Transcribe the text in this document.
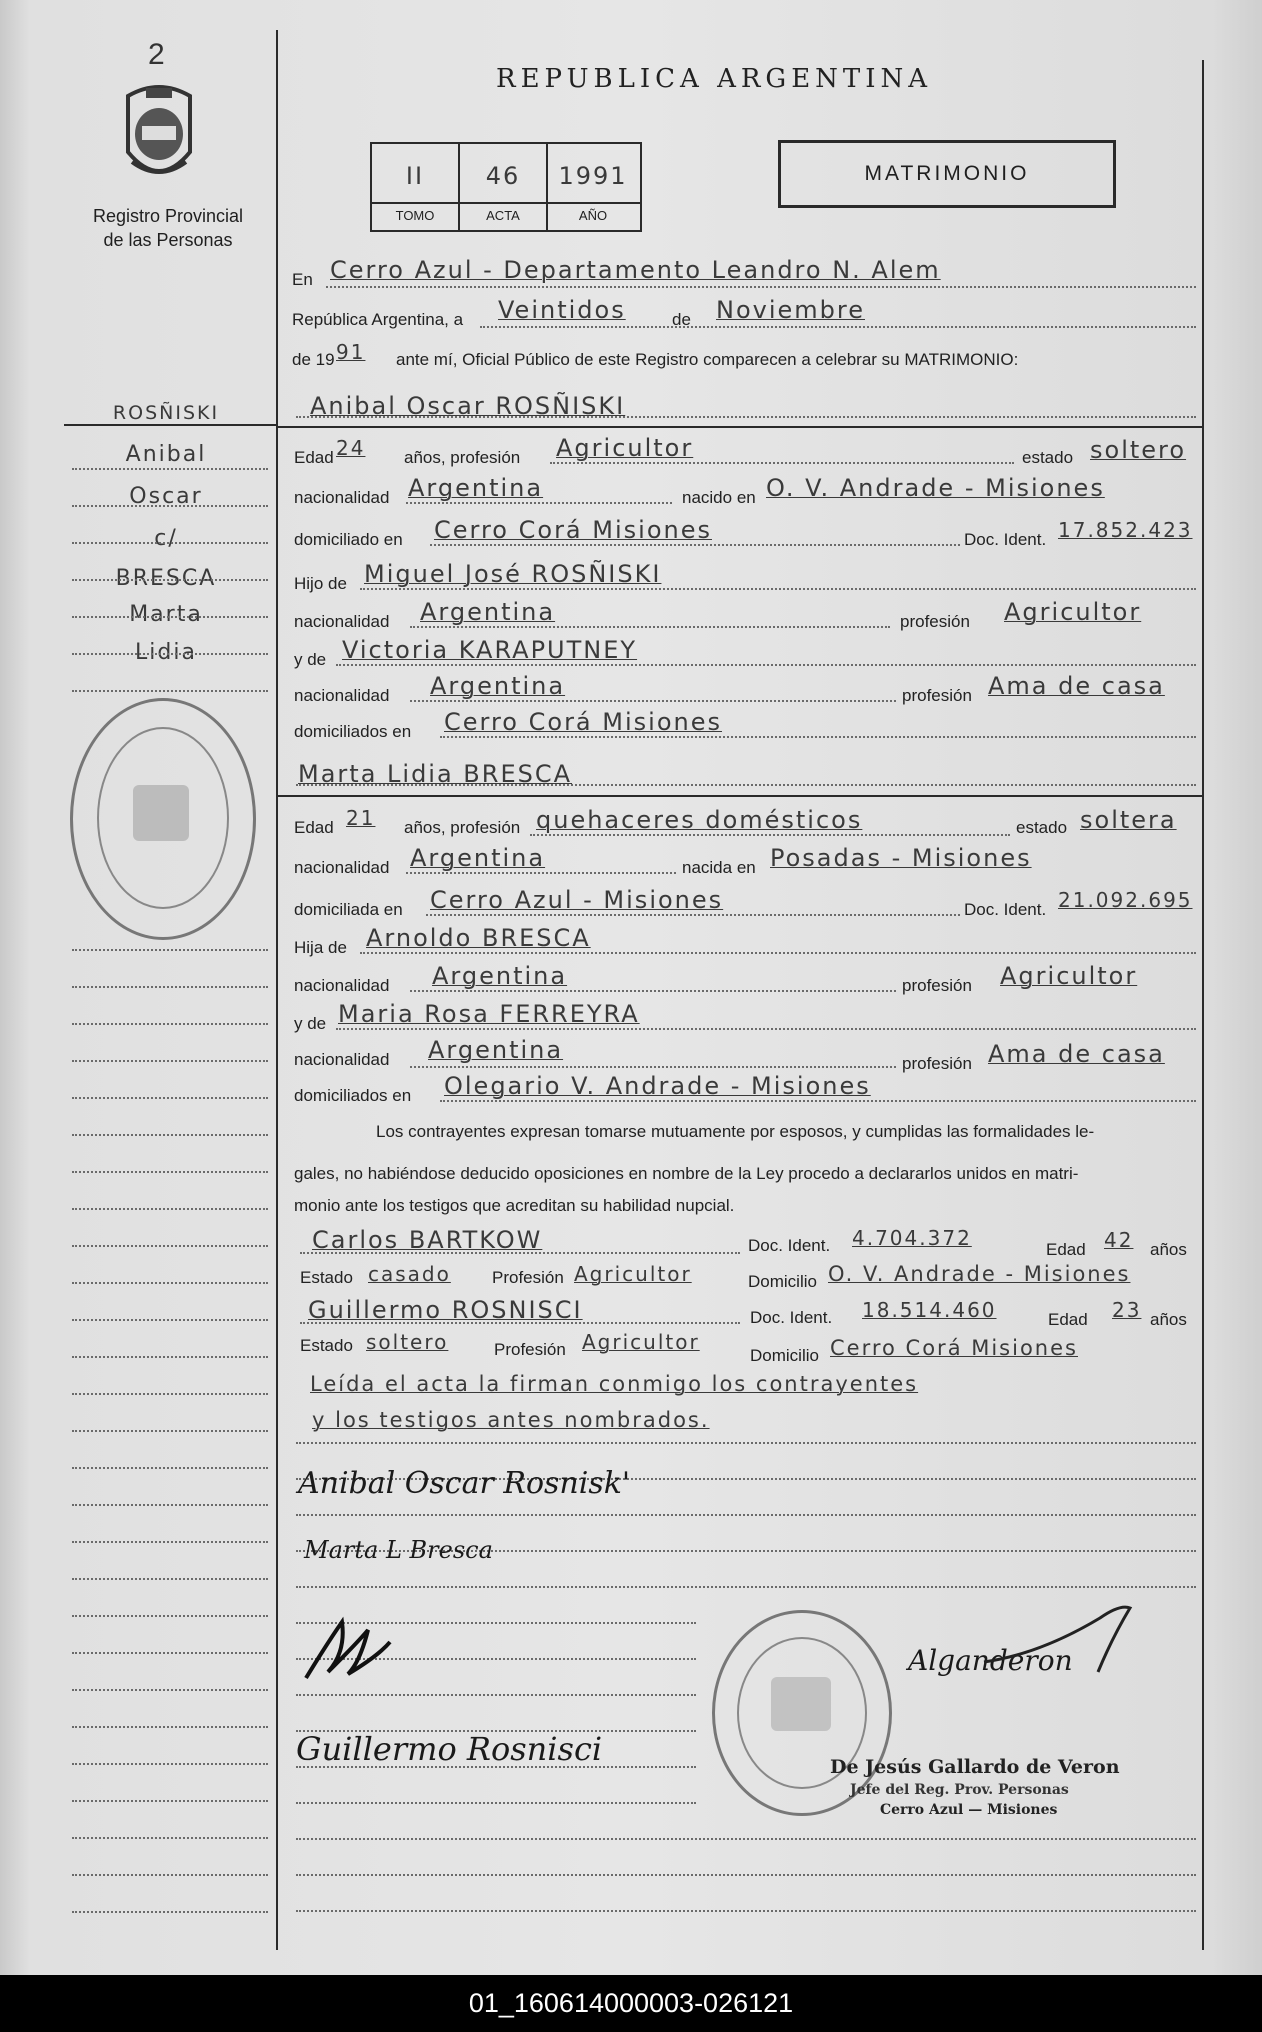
2
Registro Provincial
de las Personas
REPUBLICA ARGENTINA
II	46	1991
TOMO	ACTA	AÑO
MATRIMONIO
ROSÑISKI
Anibal
Oscar
c/
BRESCA
Marta
Lidia
En Cerro Azul - Departamento Leandro N. Alem
República Argentina, a Veintidos	de Noviembre
de 19 91 ante mí, Oficial Público de este Registro comparecen a celebrar su MATRIMONIO:
Anibal Oscar ROSÑISKI
Edad 24 años, profesión Agricultor	estado soltero
nacionalidad Argentina	nacido en O. V. Andrade - Misiones
domiciliado en Cerro Corá Misiones	Doc. Ident. 17.852.423
Hijo de Miguel José ROSÑISKI
nacionalidad Argentina	profesión Agricultor
y de Victoria KARAPUTNEY
nacionalidad Argentina	profesión Ama de casa
domiciliados en Cerro Corá Misiones
Marta Lidia BRESCA
Edad 21 años, profesión quehaceres domésticos	estado soltera
nacionalidad Argentina	nacida en Posadas - Misiones
domiciliada en Cerro Azul - Misiones	Doc. Ident. 21.092.695
Hija de Arnoldo BRESCA
nacionalidad Argentina	profesión Agricultor
y de Maria Rosa FERREYRA
nacionalidad Argentina	profesión Ama de casa
domiciliados en Olegario V. Andrade - Misiones
Los contrayentes expresan tomarse mutuamente por esposos, y cumplidas las formalidades le-
gales, no habiéndose deducido oposiciones en nombre de la Ley procedo a declararlos unidos en matri-
monio ante los testigos que acreditan su habilidad nupcial.
Carlos BARTKOW	Doc. Ident. 4.704.372	Edad 42 años
Estado casado Profesión Agricultor	Domicilio O. V. Andrade - Misiones
Guillermo ROSNISCI	Doc. Ident. 18.514.460	Edad 23 años
Estado soltero	Profesión Agricultor
Domicilio Cerro Corá Misiones
Leída el acta la firman conmigo los contrayentes
y los testigos antes nombrados.
Anibal Oscar Rosnisk'
Marta L Bresca
Guillermo Rosnisci
Alganderon
De Jesús Gallardo de Veron
Jefe del Reg. Prov. Personas
Cerro Azul — Misiones
01_160614000003-026121
